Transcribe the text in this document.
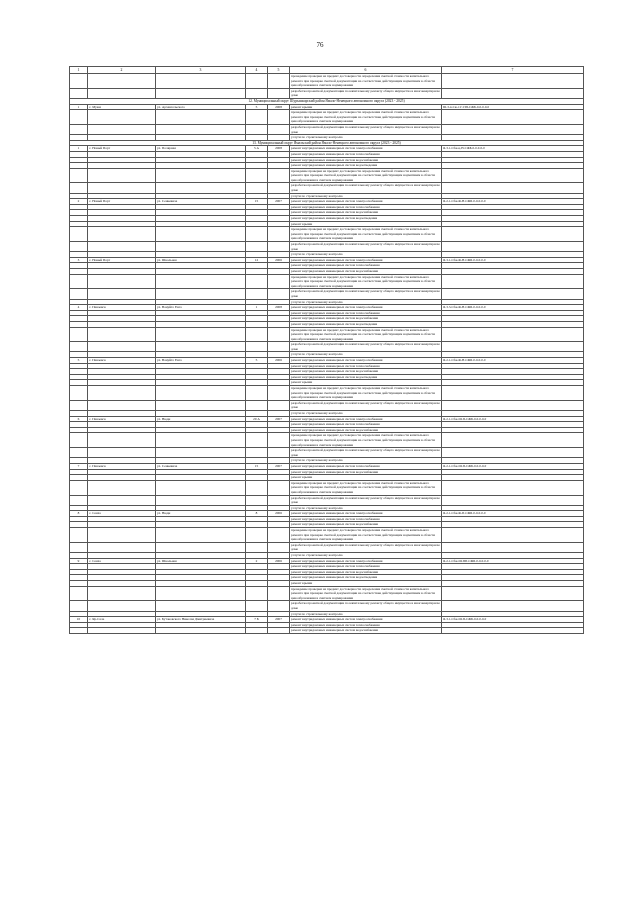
76
1	2	3	4	5	6	7
					проведение проверки на предмет достоверности определения сметной стоимости капитального ремонта при проверке сметной документации на соответствие действующим нормативам в области ценообразования в сметном нормировании	
					разработка проектной документации по капитальному ремонту общего имущества в многоквартирном доме	
12. Муниципальный округ Шурышкарский район Ямало-Ненецкого автономного округа (2023 - 2025)						
1	с. Мужи	ул. Архангельского	5	2008	ремонт крыши	Ш-3-4-Сж-т-Г-ПП-СЖБ-0-0-0-0-0
					проведение проверки на предмет достоверности определения сметной стоимости капитального ремонта при проверке сметной документации на соответствие действующим нормативам в области ценообразования в сметном нормировании	
					разработка проектной документации по капитальному ремонту общего имущества в многоквартирном доме	
					услуги по строительному контролю	
13. Муниципальный округ Ямальский район Ямало-Ненецкого автономного округа (2023 - 2025)						
1	с. Новый Порт	ул. Полярная	5 А	2008	ремонт внутридомовых инженерных систем электроснабжения	Я-3-1-Сбж-ц-Н-СЖБ-0-0-0-0-0
					ремонт внутридомовых инженерных систем теплоснабжения	
					ремонт внутридомовых инженерных систем водоснабжения	
					ремонт внутридомовых инженерных систем водоотведения	
					проведение проверки на предмет достоверности определения сметной стоимости капитального ремонта при проверке сметной документации на соответствие действующим нормативам в области ценообразования в сметном нормировании	
					разработка проектной документации по капитальному ремонту общего имущества в многоквартирном доме	
					услуги по строительному контролю	
2	с. Новый Порт	ул. Сенкевича	15	2007	ремонт внутридомовых инженерных систем электроснабжения	Я-2-1-Сбж-Ф-Н-СЖБ-0-0-0-0-0
					ремонт внутридомовых инженерных систем теплоснабжения	
					ремонт внутридомовых инженерных систем водоснабжения	
					ремонт внутридомовых инженерных систем водоотведения	
					ремонт крыши	
					проведение проверки на предмет достоверности определения сметной стоимости капитального ремонта при проверке сметной документации на соответствие действующим нормативам в области ценообразования в сметном нормировании	
					разработка проектной документации по капитальному ремонту общего имущества в многоквартирном доме	
					услуги по строительному контролю	
3	с. Новый Порт	ул. Школьная	12	2006	ремонт внутридомовых инженерных систем электроснабжения	Я-3-1-Сбж-Ф-Н-СЖБ-0-0-0-0-0
					ремонт внутридомовых инженерных систем теплоснабжения	
					ремонт внутридомовых инженерных систем водоснабжения	
					проведение проверки на предмет достоверности определения сметной стоимости капитального ремонта при проверке сметной документации на соответствие действующим нормативам в области ценообразования в сметном нормировании	
					разработка проектной документации по капитальному ремонту общего имущества в многоквартирном доме	
					услуги по строительному контролю	
4	с. Панаевск	ул. Вануйто Енго	1	2008	ремонт внутридомовых инженерных систем электроснабжения	Я-3-3-Сбж-Ф-Н-СЖБ-0-0-0-0-0
					ремонт внутридомовых инженерных систем теплоснабжения	
					ремонт внутридомовых инженерных систем водоснабжения	
					ремонт внутридомовых инженерных систем водоотведения	
					проведение проверки на предмет достоверности определения сметной стоимости капитального ремонта при проверке сметной документации на соответствие действующим нормативам в области ценообразования в сметном нормировании	
					разработка проектной документации по капитальному ремонту общего имущества в многоквартирном доме	
					услуги по строительному контролю	
5	с. Панаевск	ул. Вануйто Енго	5	2006	ремонт внутридомовых инженерных систем электроснабжения	Я-2-1-Сбж-Ф-Н-СЖБ-0-0-0-0-0
					ремонт внутридомовых инженерных систем теплоснабжения	
					ремонт внутридомовых инженерных систем водоснабжения	
					ремонт внутридомовых инженерных систем водоотведения	
					ремонт крыши	
					проведение проверки на предмет достоверности определения сметной стоимости капитального ремонта при проверке сметной документации на соответствие действующим нормативам в области ценообразования в сметном нормировании	
					разработка проектной документации по капитальному ремонту общего имущества в многоквартирном доме	
					услуги по строительному контролю	
6	с. Панаевск	ул. Нюди	20 А	2007	ремонт внутридомовых инженерных систем электроснабжения	Я-2-1-Сбж-Ш-П-СЖБ-0-0-0-0-0
					ремонт внутридомовых инженерных систем теплоснабжения	
					ремонт внутридомовых инженерных систем водоснабжения	
					проведение проверки на предмет достоверности определения сметной стоимости капитального ремонта при проверке сметной документации на соответствие действующим нормативам в области ценообразования в сметном нормировании	
					разработка проектной документации по капитальному ремонту общего имущества в многоквартирном доме	
					услуги по строительному контролю	
7	с. Панаевск	ул. Сенкевича	15	2007	ремонт внутридомовых инженерных систем теплоснабжения	Я-2-1-Сбж-Ш-П-СЖБ-0-0-0-0-0
					ремонт внутридомовых инженерных систем водоснабжения	
					ремонт крыши	
					проведение проверки на предмет достоверности определения сметной стоимости капитального ремонта при проверке сметной документации на соответствие действующим нормативам в области ценообразования в сметном нормировании	
					разработка проектной документации по капитальному ремонту общего имущества в многоквартирном доме	
					услуги по строительному контролю	
8	с. Сеяха	ул. Нюди	8	2006	ремонт внутридомовых инженерных систем электроснабжения	Я-2-1-Сбж-Ф-П-СЖБ-0-0-0-0-0
					ремонт внутридомовых инженерных систем теплоснабжения	
					ремонт внутридомовых инженерных систем водоснабжения	
					проведение проверки на предмет достоверности определения сметной стоимости капитального ремонта при проверке сметной документации на соответствие действующим нормативам в области ценообразования в сметном нормировании	
					разработка проектной документации по капитальному ремонту общего имущества в многоквартирном доме	
					услуги по строительному контролю	
9	с. Сеяха	ул. Школьная	2	2006	ремонт внутридомовых инженерных систем электроснабжения	Я-2-1-Сбж-Ш-ПП-СЖБ-0-0-0-0-0
					ремонт внутридомовых инженерных систем теплоснабжения	
					ремонт внутридомовых инженерных систем водоснабжения	
					ремонт внутридомовых инженерных систем водоотведения	
					ремонт крыши	
					проведение проверки на предмет достоверности определения сметной стоимости капитального ремонта при проверке сметной документации на соответствие действующим нормативам в области ценообразования в сметном нормировании	
					разработка проектной документации по капитальному ремонту общего имущества в многоквартирном доме	
					услуги по строительному контролю	
10	с. Яр-Сале	ул. Бутаковского Николая Дмитриевича	7 Б	2007	ремонт внутридомовых инженерных систем электроснабжения	Я-3-1-Сбж-Ш-П-СЖБ-0-0-0-0-0
					ремонт внутридомовых инженерных систем теплоснабжения	
					ремонт внутридомовых инженерных систем водоснабжения	
